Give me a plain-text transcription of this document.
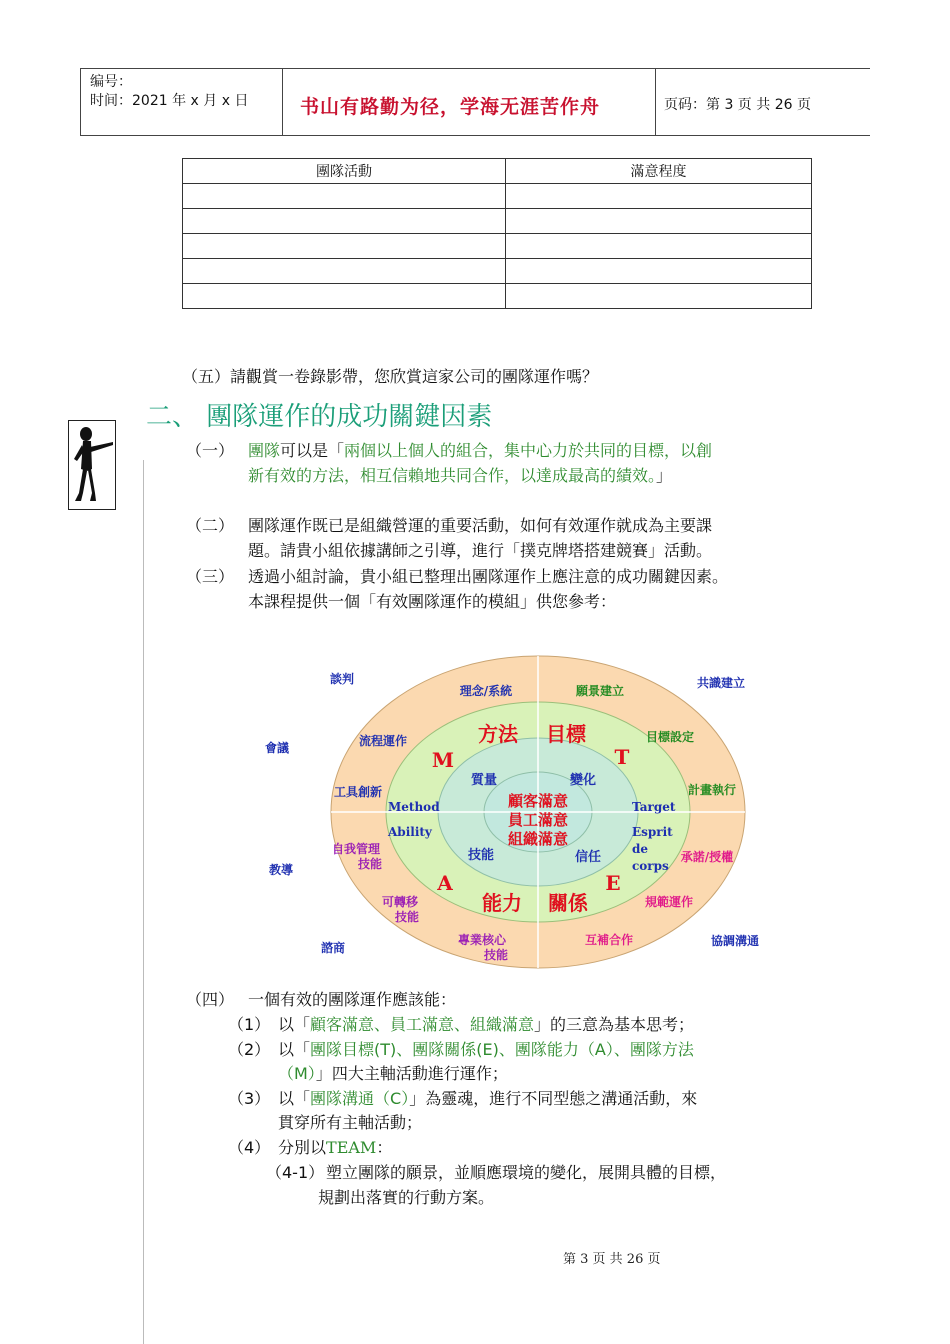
编号：
时间：2021 年 x 月 x 日	书山有路勤为径，学海无涯苦作舟	页码：第 3 页 共 26 页
團隊活動	滿意程度

（五）請觀賞一卷錄影帶，您欣賞這家公司的團隊運作嗎？
二、 團隊運作的成功關鍵因素
（一） 團隊可以是「兩個以上個人的組合，集中心力於共同的目標，以創
新有效的方法，相互信賴地共同合作，以達成最高的績效。」
（二） 團隊運作既已是組織營運的重要活動，如何有效運作就成為主要課
題。請貴小組依據講師之引導，進行「撲克牌塔搭建競賽」活動。
（三） 透過小組討論，貴小組已整理出團隊運作上應注意的成功關鍵因素。
本課程提供一個「有效團隊運作的模組」供您參考：
顧客滿意
員工滿意
組織滿意
質量	變化
技能	信任
方法 目標
能力 關係
M	T
A	E
Method
Ability
Target
Esprit
de
corps
理念/系統	願景建立
流程運作	目標設定
工具創新	計畫執行
自我管理
技能	承諾/授權
可轉移
技能
規範運作
專業核心
技能
互補合作
談判	共識建立
會議
教導
諮商	協調溝通
（四） 一個有效的團隊運作應該能：
（1） 以「顧客滿意、員工滿意、組織滿意」的三意為基本思考；
（2） 以「團隊目標(T)、團隊關係(E)、團隊能力（A）、團隊方法
（M）」四大主軸活動進行運作；
（3） 以「團隊溝通（C）」為靈魂，進行不同型態之溝通活動，來
貫穿所有主軸活動；
（4） 分別以TEAM：
（4-1） 塑立團隊的願景，並順應環境的變化，展開具體的目標，
規劃出落實的行動方案。
第 3 页 共 26 页
